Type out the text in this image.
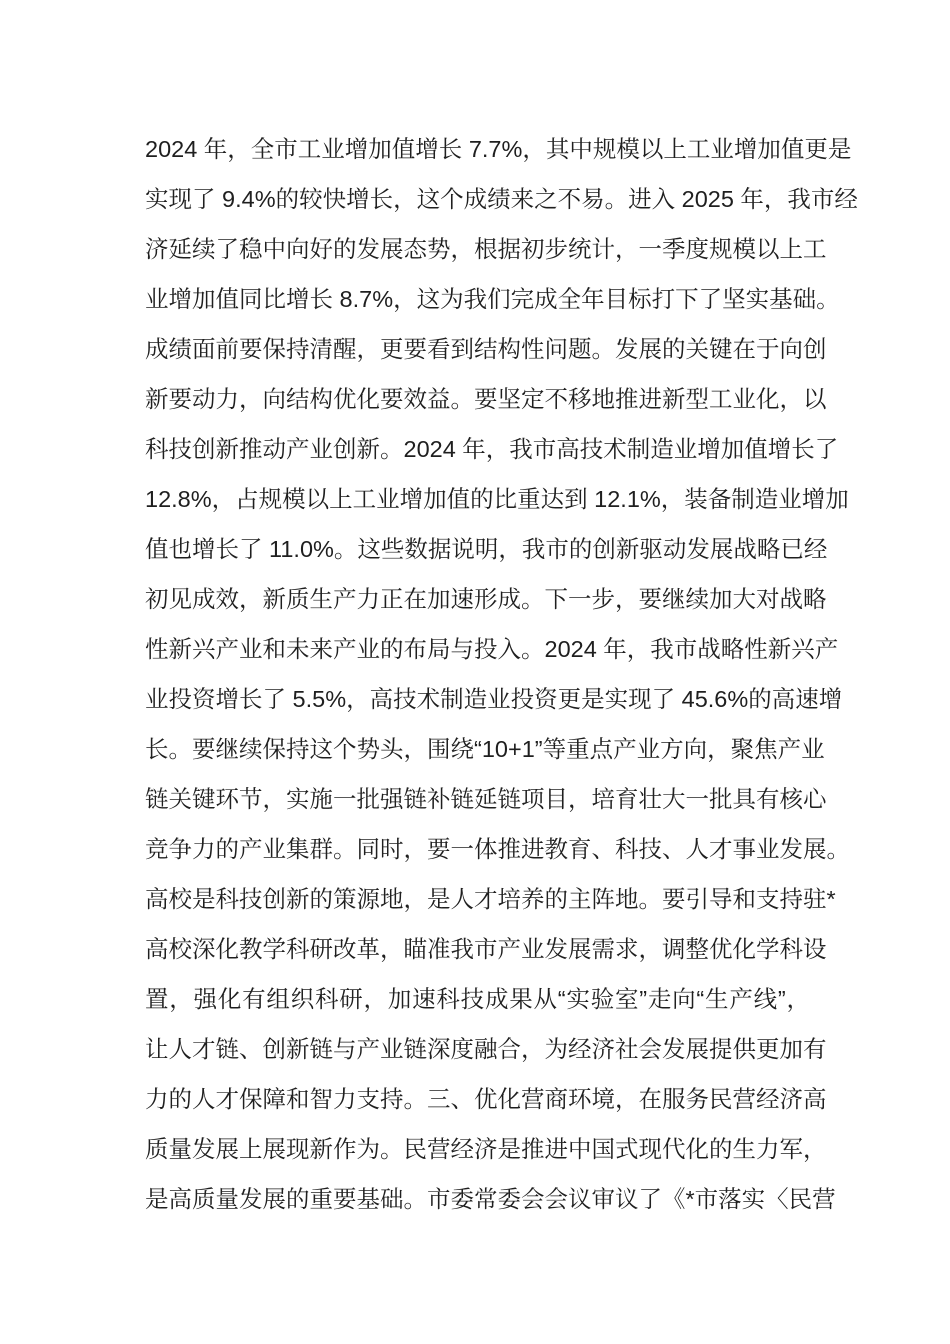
2024 年，全市工业增加值增长 7.7%，其中规模以上工业增加值更是
实现了 9.4%的较快增长，这个成绩来之不易。进入 2025 年，我市经
济延续了稳中向好的发展态势，根据初步统计，一季度规模以上工
业增加值同比增长 8.7%，这为我们完成全年目标打下了坚实基础。
成绩面前要保持清醒，更要看到结构性问题。发展的关键在于向创
新要动力，向结构优化要效益。要坚定不移地推进新型工业化，以
科技创新推动产业创新。2024 年，我市高技术制造业增加值增长了
12.8%，占规模以上工业增加值的比重达到 12.1%，装备制造业增加
值也增长了 11.0%。这些数据说明，我市的创新驱动发展战略已经
初见成效，新质生产力正在加速形成。下一步，要继续加大对战略
性新兴产业和未来产业的布局与投入。2024 年，我市战略性新兴产
业投资增长了 5.5%，高技术制造业投资更是实现了 45.6%的高速增
长。要继续保持这个势头，围绕“10+1”等重点产业方向，聚焦产业
链关键环节，实施一批强链补链延链项目，培育壮大一批具有核心
竞争力的产业集群。同时，要一体推进教育、科技、人才事业发展。
高校是科技创新的策源地，是人才培养的主阵地。要引导和支持驻*
高校深化教学科研改革，瞄准我市产业发展需求，调整优化学科设
置，强化有组织科研，加速科技成果从“实验室”走向“生产线”，
让人才链、创新链与产业链深度融合，为经济社会发展提供更加有
力的人才保障和智力支持。三、优化营商环境，在服务民营经济高
质量发展上展现新作为。民营经济是推进中国式现代化的生力军，
是高质量发展的重要基础。市委常委会会议审议了《*市落实〈民营
